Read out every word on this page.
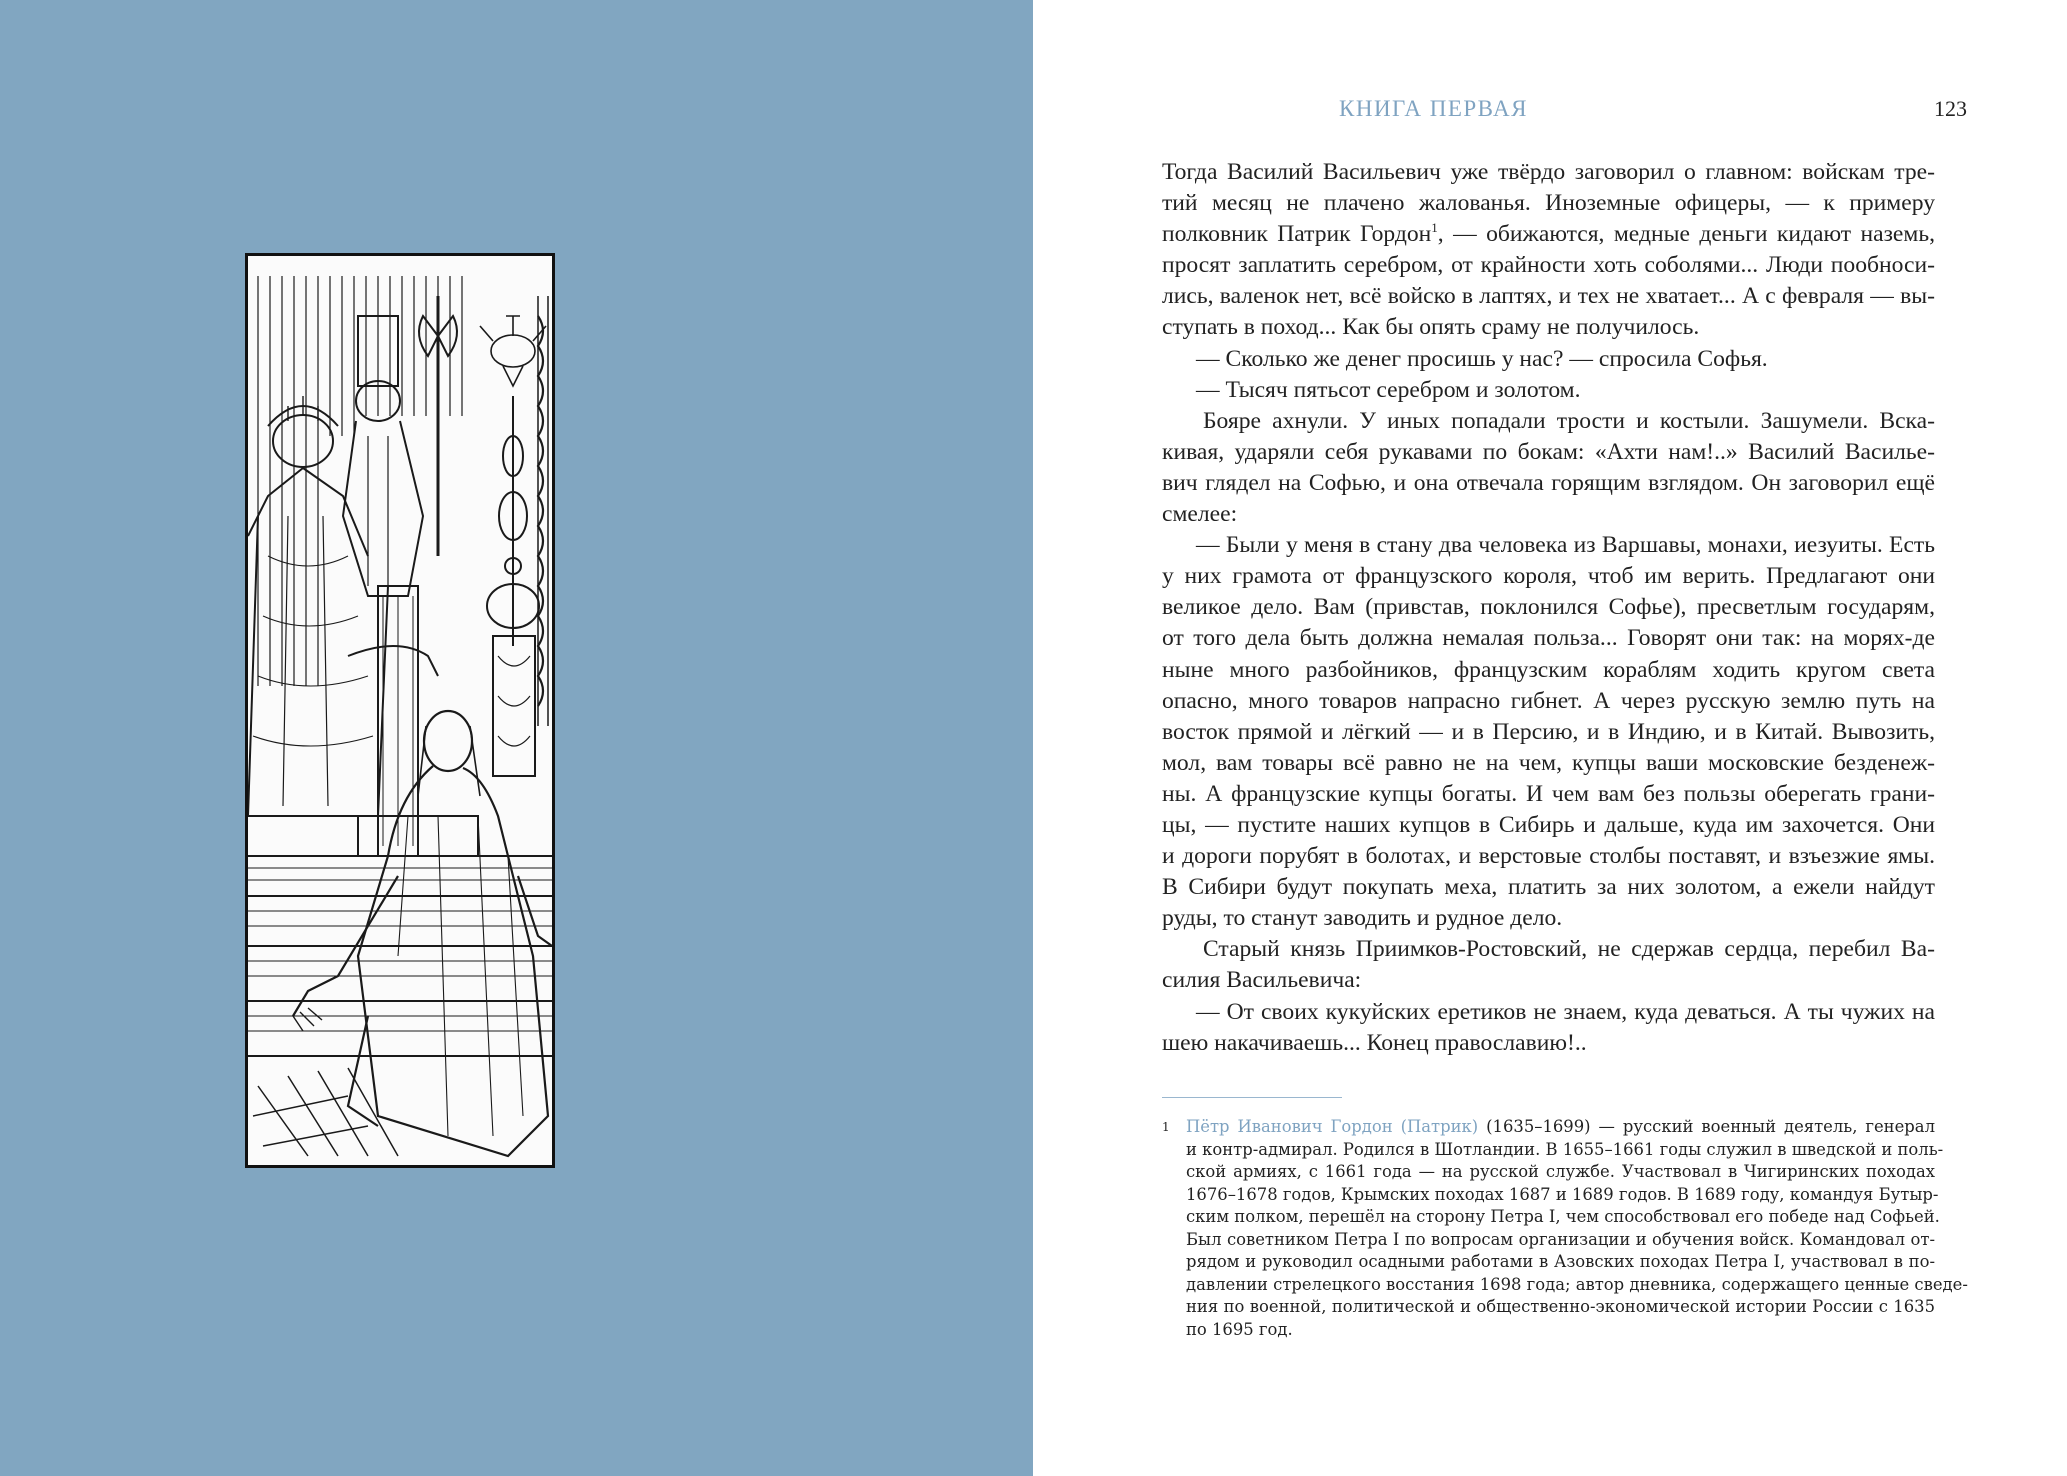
КНИГА ПЕРВАЯ	123
Тогда Василий Васильевич уже твёрдо заговорил о главном: войскам тре-
тий месяц не плачено жалованья. Иноземные офицеры, — к примеру
полковник Патрик Гордон$^1$, — обижаются, медные деньги кидают наземь,
просят заплатить серебром, от крайности хоть соболями... Люди пообноси-
лись, валенок нет, всё войско в лаптях, и тех не хватает... А с февраля — вы-
ступать в поход... Как бы опять сраму не получилось.
— Сколько же денег просишь у нас? — спросила Софья.
— Тысяч пятьсот серебром и золотом.
Бояре ахнули. У иных попадали трости и костыли. Зашумели. Вска-
кивая, ударяли себя рукавами по бокам: «Ахти нам!..» Василий Василье-
вич глядел на Софью, и она отвечала горящим взглядом. Он заговорил ещё
смелее:
— Были у меня в стану два человека из Варшавы, монахи, иезуиты. Есть
у них грамота от французского короля, чтоб им верить. Предлагают они
великое дело. Вам (привстав, поклонился Софье), пресветлым государям,
от того дела быть должна немалая польза... Говорят они так: на морях-де
ныне много разбойников, французским кораблям ходить кругом света
опасно, много товаров напрасно гибнет. А через русскую землю путь на
восток прямой и лёгкий — и в Персию, и в Индию, и в Китай. Вывозить,
мол, вам товары всё равно не на чем, купцы ваши московские безденеж-
ны. А французские купцы богаты. И чем вам без пользы оберегать грани-
цы, — пустите наших купцов в Сибирь и дальше, куда им захочется. Они
и дороги порубят в болотах, и верстовые столбы поставят, и взъезжие ямы.
В Сибири будут покупать меха, платить за них золотом, а ежели найдут
руды, то станут заводить и рудное дело.
Старый князь Приимков-Ростовский, не сдержав сердца, перебил Ва-
силия Васильевича:
— От своих кукуйских еретиков не знаем, куда деваться. А ты чужих на
шею накачиваешь... Конец православию!..
1 Пётр Иванович Гордон (Патрик) (1635–1699) — русский военный деятель, генерал
и контр-адмирал. Родился в Шотландии. В 1655–1661 годы служил в шведской и поль-
ской армиях, с 1661 года — на русской службе. Участвовал в Чигиринских походах
1676–1678 годов, Крымских походах 1687 и 1689 годов. В 1689 году, командуя Бутыр-
ским полком, перешёл на сторону Петра I, чем способствовал его победе над Софьей.
Был советником Петра I по вопросам организации и обучения войск. Командовал от-
рядом и руководил осадными работами в Азовских походах Петра I, участвовал в по-
давлении стрелецкого восстания 1698 года; автор дневника, содержащего ценные сведе-
ния по военной, политической и общественно-экономической истории России с 1635
по 1695 год.
